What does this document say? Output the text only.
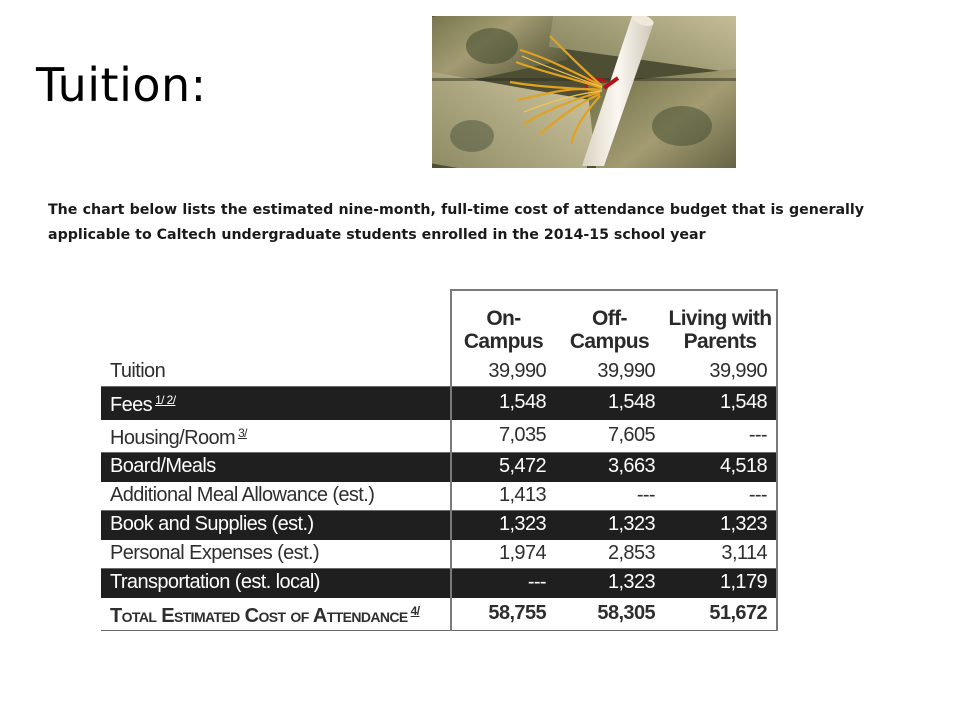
Tuition:

The chart below lists the estimated nine-month, full-time cost of attendance budget that is generally applicable to Caltech undergraduate students enrolled in the 2014-15 school year

	On-Campus	Off-Campus	Living with Parents
Tuition	39,990	39,990	39,990
Fees $^{1/ 2/}$	1,548	1,548	1,548
Housing/Room $^{3/}$	7,035	7,605	---
Board/Meals	5,472	3,663	4,518
Additional Meal Allowance (est.)	1,413	---	---
Book and Supplies (est.)	1,323	1,323	1,323
Personal Expenses (est.)	1,974	2,853	3,114
Transportation (est. local)	---	1,323	1,179
Total Estimated Cost of Attendance $^{4/}$	58,755	58,305	51,672
